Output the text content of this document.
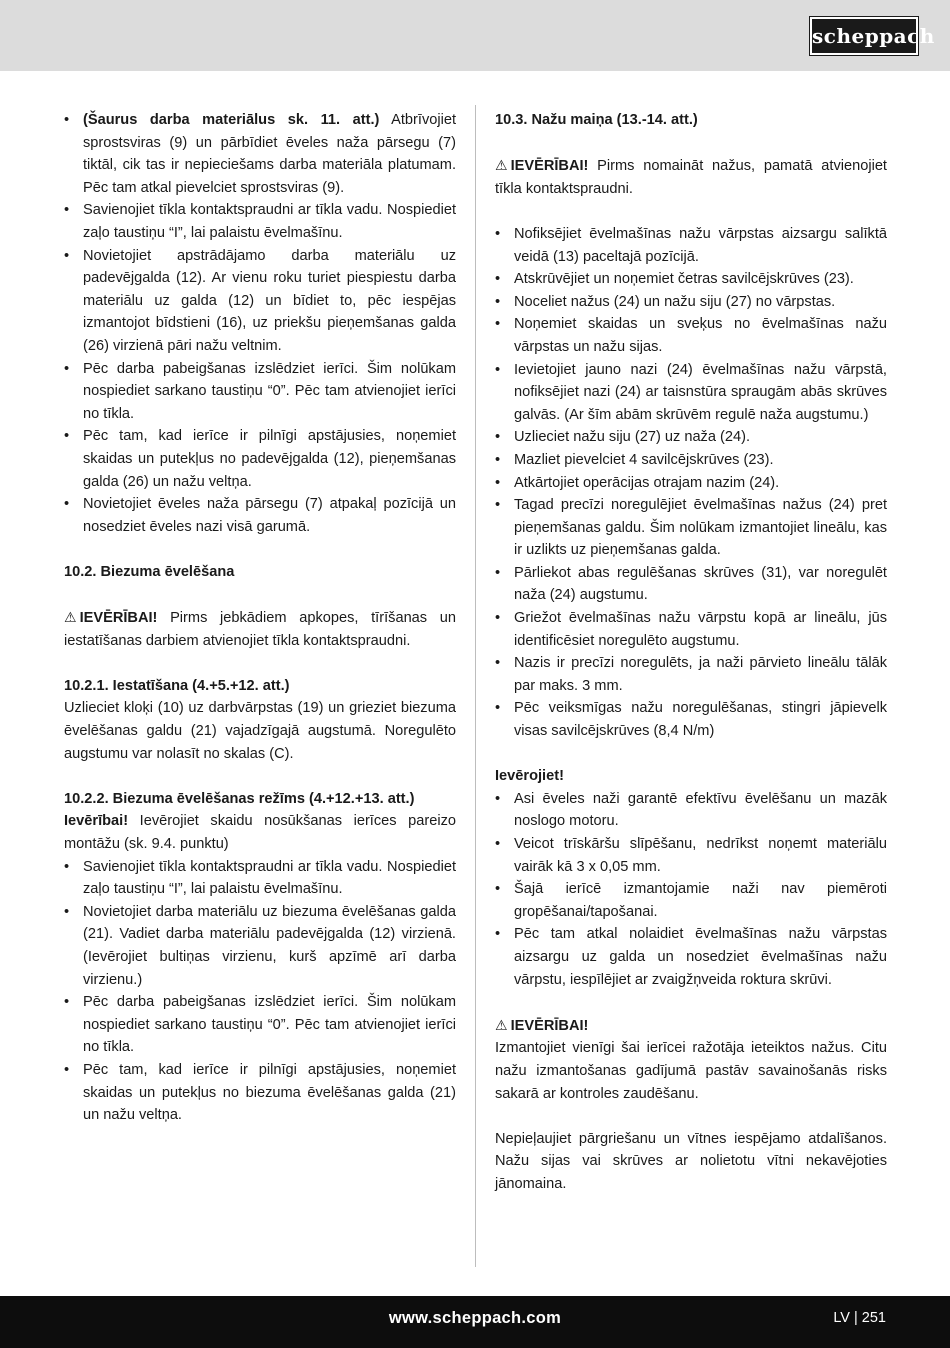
scheppach
• (Šaurus darba materiālus sk. 11. att.) Atbrīvojiet sprostsviras (9) un pārbīdiet ēveles naža pārsegu (7) tiktāl, cik tas ir nepieciešams darba materiāla platumam. Pēc tam atkal pievelciet sprostsviras (9).
• Savienojiet tīkla kontaktspraudni ar tīkla vadu. Nospiediet zaļo taustiņu “I”, lai palaistu ēvelmašīnu.
• Novietojiet apstrādājamo darba materiālu uz padevējgalda (12). Ar vienu roku turiet piespiestu darba materiālu uz galda (12) un bīdiet to, pēc iespējas izmantojot bīdstieni (16), uz priekšu pieņemšanas galda (26) virzienā pāri nažu veltnim.
• Pēc darba pabeigšanas izslēdziet ierīci. Šim nolūkam nospiediet sarkano taustiņu “0”. Pēc tam atvienojiet ierīci no tīkla.
• Pēc tam, kad ierīce ir pilnīgi apstājusies, noņemiet skaidas un putekļus no padevējgalda (12), pieņemšanas galda (26) un nažu veltņa.
• Novietojiet ēveles naža pārsegu (7) atpakaļ pozīcijā un nosedziet ēveles nazi visā garumā.

10.2. Biezuma ēvelēšana

⚠ IEVĒRĪBAI! Pirms jebkādiem apkopes, tīrīšanas un iestatīšanas darbiem atvienojiet tīkla kontaktspraudni.

10.2.1. Iestatīšana (4.+5.+12. att.)

Uzlieciet kloķi (10) uz darbvārpstas (19) un grieziet biezuma ēvelēšanas galdu (21) vajadzīgajā augstumā. Noregulēto augstumu var nolasīt no skalas (C).

10.2.2. Biezuma ēvelēšanas režīms (4.+12.+13. att.)

Ievērībai! Ievērojiet skaidu nosūkšanas ierīces pareizo montāžu (sk. 9.4. punktu)

• Savienojiet tīkla kontaktspraudni ar tīkla vadu. Nospiediet zaļo taustiņu “I”, lai palaistu ēvelmašīnu.
• Novietojiet darba materiālu uz biezuma ēvelēšanas galda (21). Vadiet darba materiālu padevējgalda (12) virzienā. (Ievērojiet bultiņas virzienu, kurš apzīmē arī darba virzienu.)
• Pēc darba pabeigšanas izslēdziet ierīci. Šim nolūkam nospiediet sarkano taustiņu “0”. Pēc tam atvienojiet ierīci no tīkla.
• Pēc tam, kad ierīce ir pilnīgi apstājusies, noņemiet skaidas un putekļus no biezuma ēvelēšanas galda (21) un nažu veltņa.

10.3. Nažu maiņa (13.-14. att.)

⚠ IEVĒRĪBAI! Pirms nomaināt nažus, pamatā atvienojiet tīkla kontaktspraudni.

• Nofiksējiet ēvelmašīnas nažu vārpstas aizsargu salīktā veidā (13) paceltajā pozīcijā.
• Atskrūvējiet un noņemiet četras savilcējskrūves (23).
• Noceliet nažus (24) un nažu siju (27) no vārpstas.
• Noņemiet skaidas un sveķus no ēvelmašīnas nažu vārpstas un nažu sijas.
• Ievietojiet jauno nazi (24) ēvelmašīnas nažu vārpstā, nofiksējiet nazi (24) ar taisnstūra spraugām abās skrūves galvās. (Ar šīm abām skrūvēm regulē naža augstumu.)
• Uzlieciet nažu siju (27) uz naža (24).
• Mazliet pievelciet 4 savilcējskrūves (23).
• Atkārtojiet operācijas otrajam nazim (24).
• Tagad precīzi noregulējiet ēvelmašīnas nažus (24) pret pieņemšanas galdu. Šim nolūkam izmantojiet lineālu, kas ir uzlikts uz pieņemšanas galda.
• Pārliekot abas regulēšanas skrūves (31), var noregulēt naža (24) augstumu.
• Griežot ēvelmašīnas nažu vārpstu kopā ar lineālu, jūs identificēsiet noregulēto augstumu.
• Nazis ir precīzi noregulēts, ja naži pārvieto lineālu tālāk par maks. 3 mm.
• Pēc veiksmīgas nažu noregulēšanas, stingri jāpievelk visas savilcējskrūves (8,4 N/m)

Ievērojiet!

• Asi ēveles naži garantē efektīvu ēvelēšanu un mazāk noslogo motoru.
• Veicot trīskāršu slīpēšanu, nedrīkst noņemt materiālu vairāk kā 3 x 0,05 mm.
• Šajā ierīcē izmantojamie naži nav piemēroti gropēšanai/tapošanai.
• Pēc tam atkal nolaidiet ēvelmašīnas nažu vārpstas aizsargu uz galda un nosedziet ēvelmašīnas nažu vārpstu, iespīlējiet ar zvaigžņveida roktura skrūvi.

⚠ IEVĒRĪBAI!

Izmantojiet vienīgi šai ierīcei ražotāja ieteiktos nažus. Citu nažu izmantošanas gadījumā pastāv savainošanās risks sakarā ar kontroles zaudēšanu.

Nepieļaujiet pārgriešanu un vītnes iespējamo atdalīšanos. Nažu sijas vai skrūves ar nolietotu vītni nekavējoties jānomaina.

www.scheppach.com	LV | 251
